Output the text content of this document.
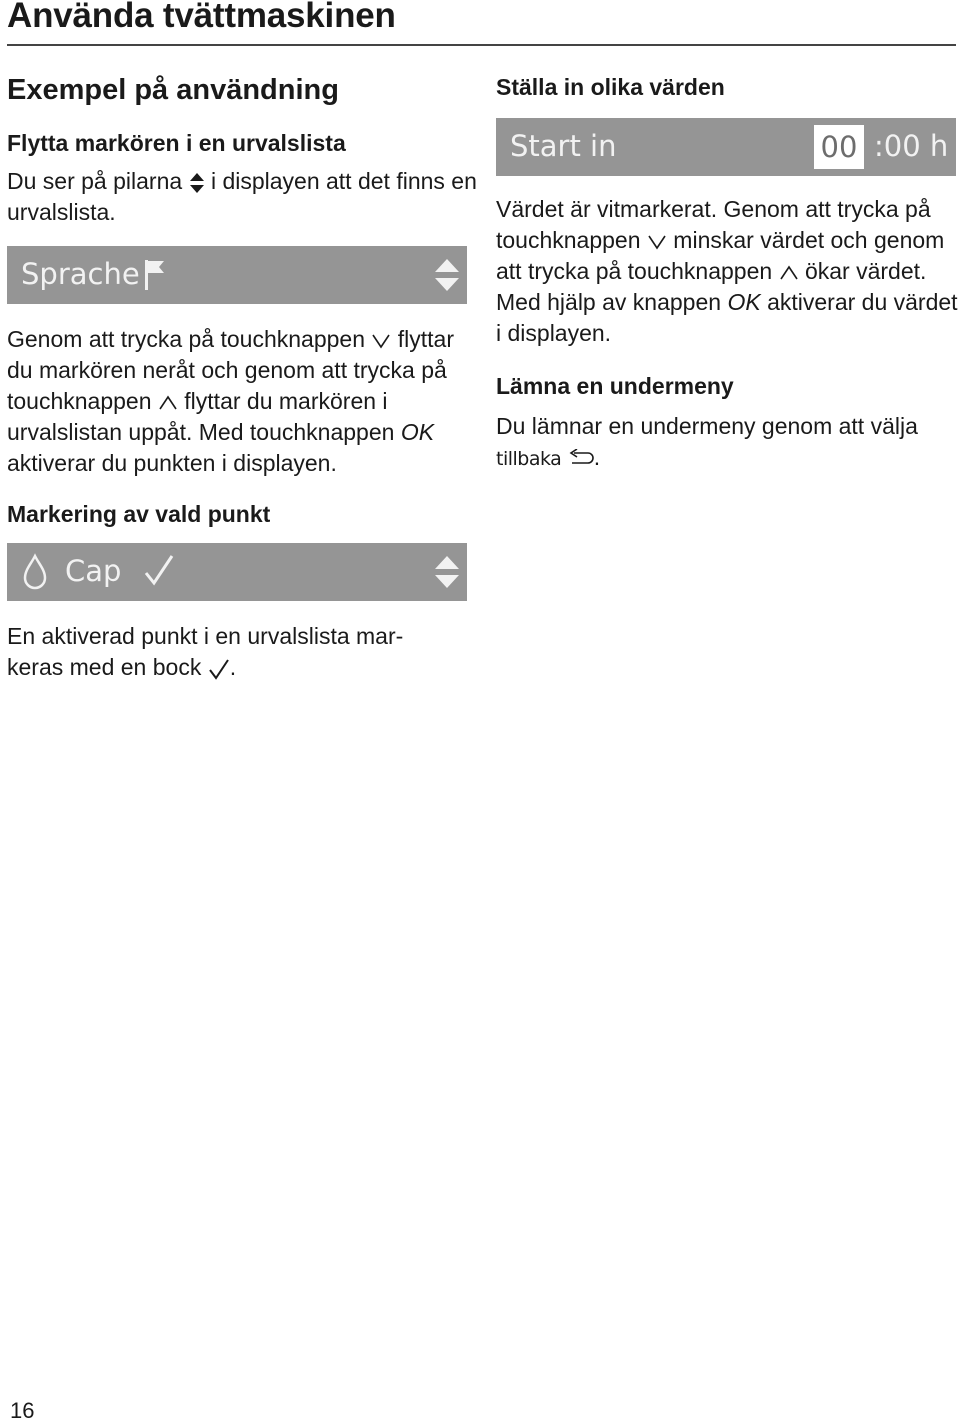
Använda tvättmaskinen
Exempel på användning
Flytta markören i en urvalslista

Du ser på pilarna i displayen att det finns en urvalslista.

Sprache

Genom att trycka på touchknappen flyttar du markören neråt och genom att trycka på touchknappen flyttar du markören i urvalslistan uppåt. Med touchknappen OK aktiverar du punkten i displayen.

Markering av vald punkt
Cap

En aktiverad punkt i en urvalslista mar-
keras med en bock .

Ställa in olika värden
Start in	00 :00 h

Värdet är vitmarkerat. Genom att trycka på touchknappen minskar värdet och genom att trycka på touchknappen ökar värdet. Med hjälp av knappen OK aktiverar du värdet i displayen.

Lämna en undermeny

Du lämnar en undermeny genom att välja tillbaka .

16
